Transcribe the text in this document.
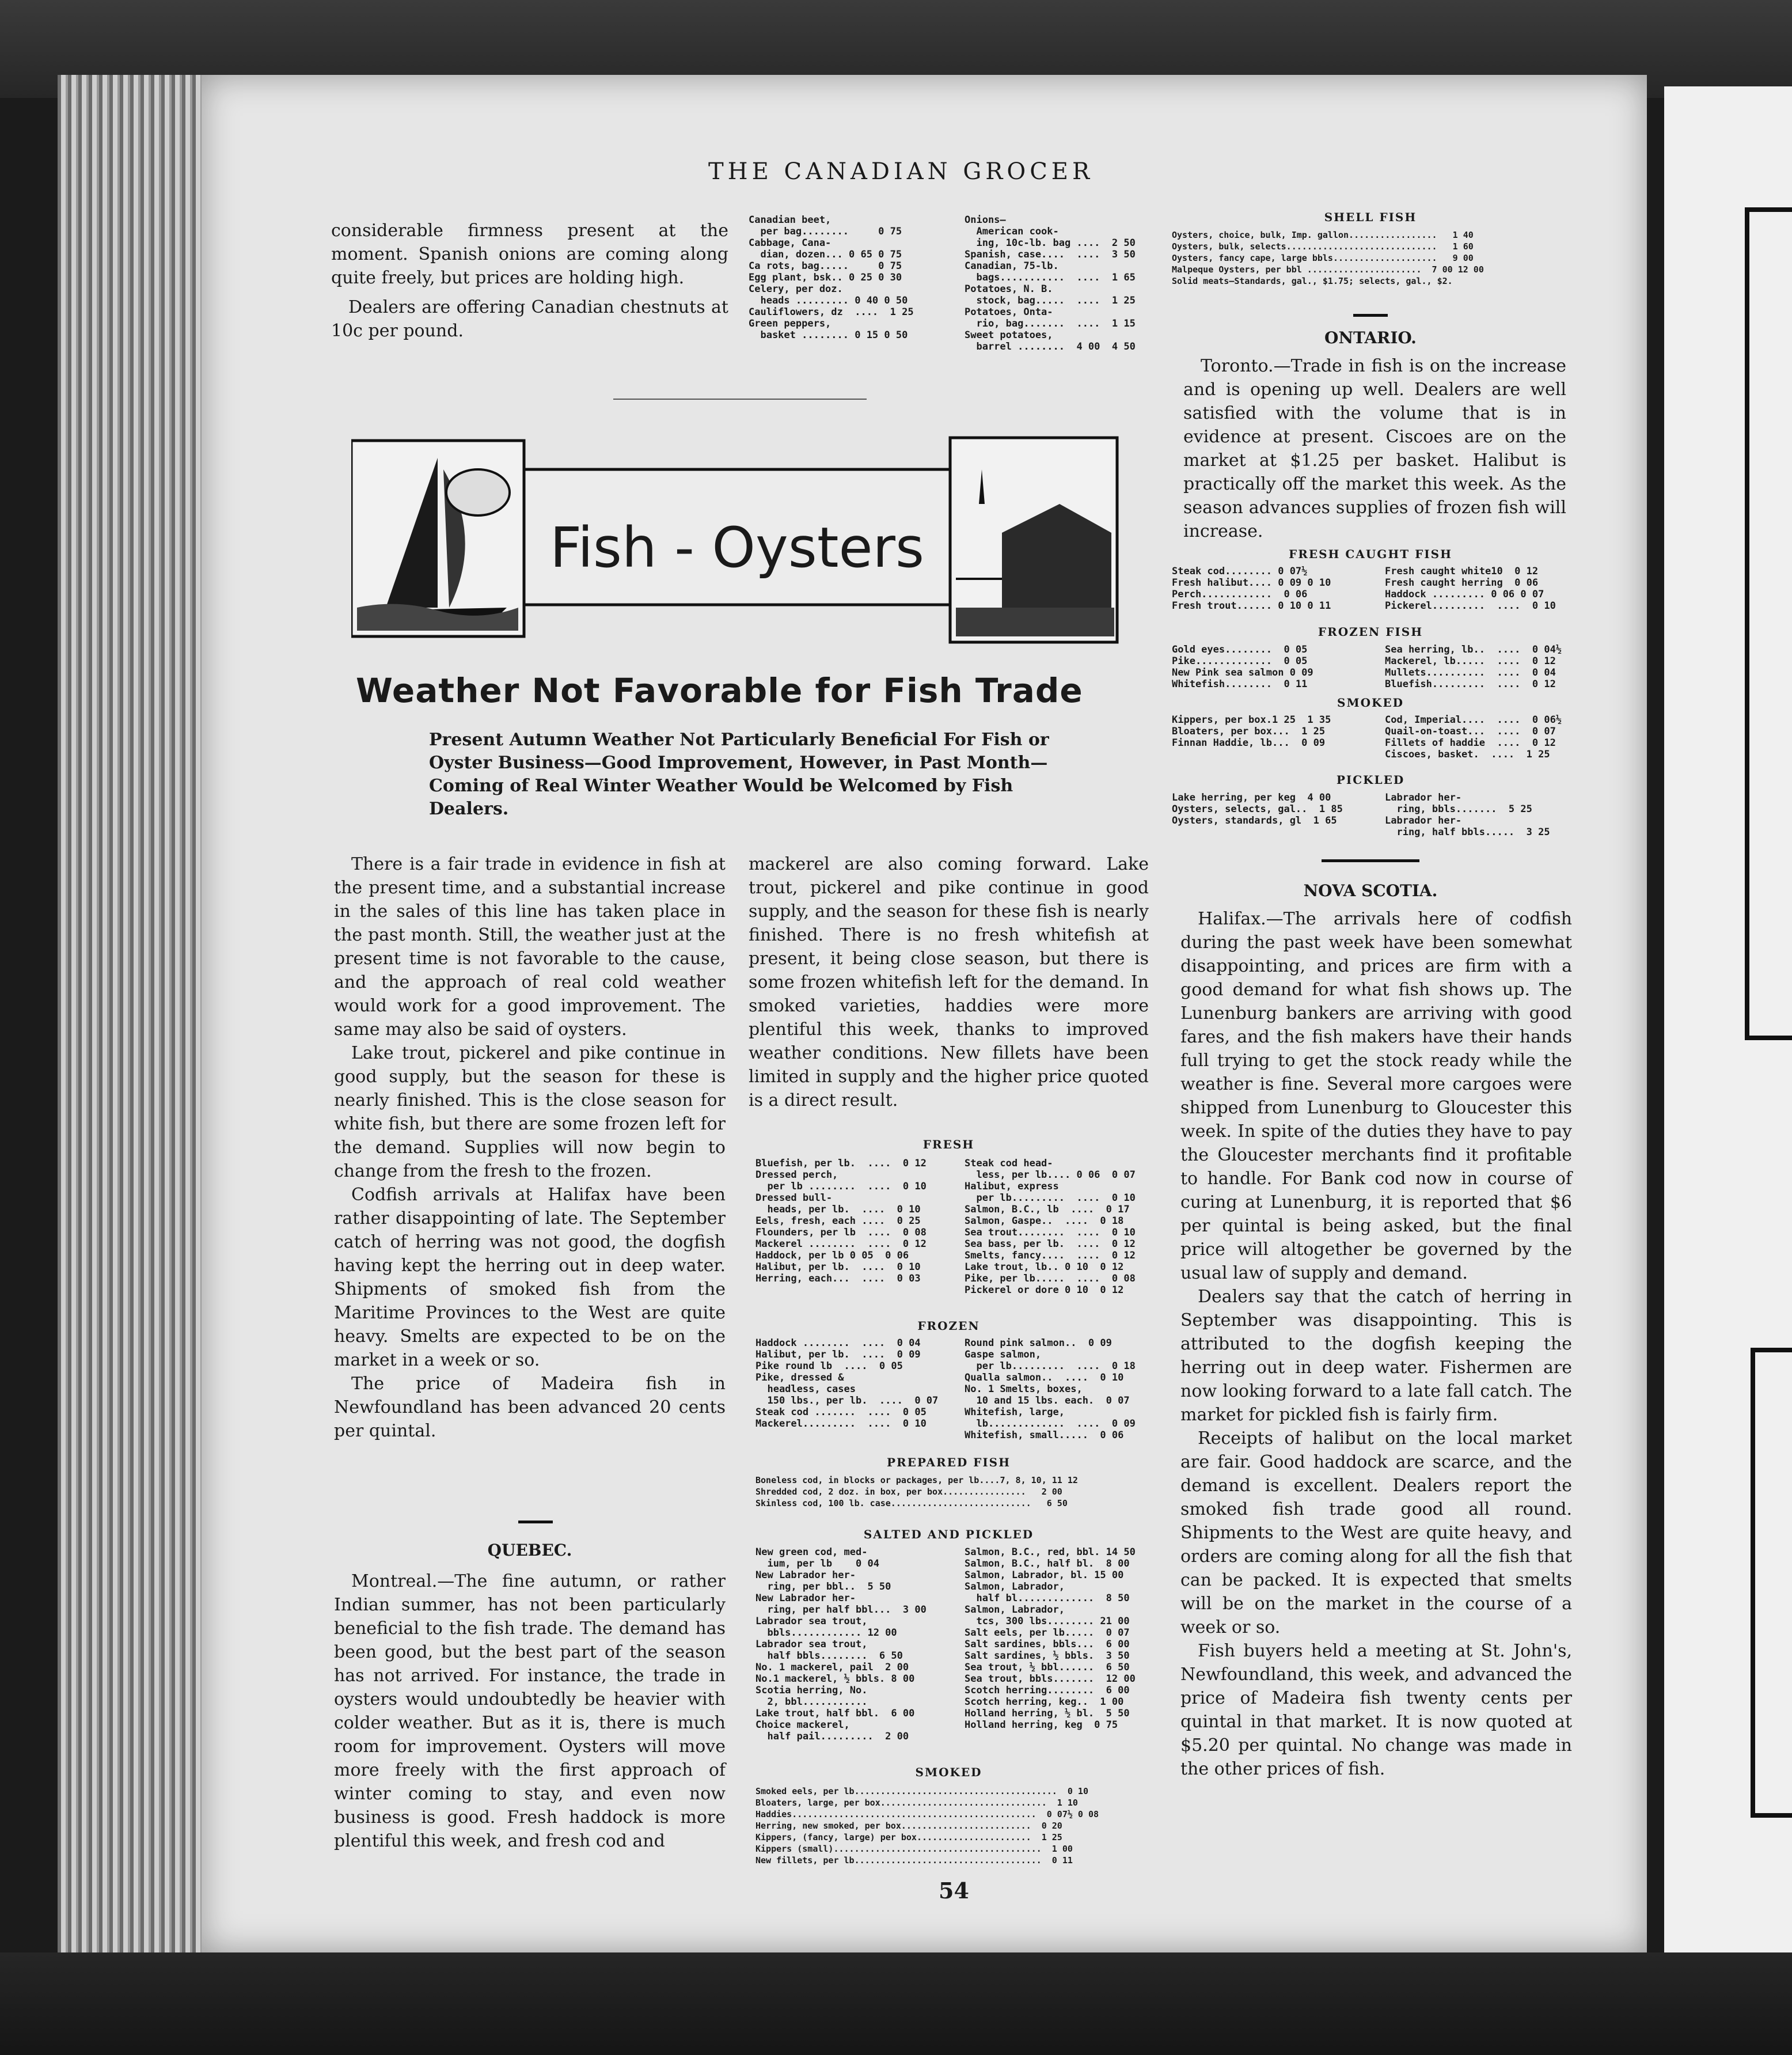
THE CANADIAN GROCER

considerable firmness present at the moment. Spanish onions are coming along quite freely, but prices are holding high.

Dealers are offering Canadian chestnuts at 10c per pound.

Canadian beet,
per bag........     0 75
Cabbage, Cana-
dian, dozen... 0 65 0 75
Ca rots, bag.....     0 75
Egg plant, bsk.. 0 25 0 30
Celery, per doz.
heads ......... 0 40 0 50
Cauliflowers, dz  ....  1 25
Green peppers,
basket ........ 0 15 0 50
Onions—
American cook-
ing, 10c-lb. bag ....  2 50
Spanish, case....  ....  3 50
Canadian, 75-lb.
bags...........  ....  1 65
Potatoes, N. B.
stock, bag.....  ....  1 25
Potatoes, Onta-
rio, bag.......  ....  1 15
Sweet potatoes,
barrel ........  4 00  4 50
Fish - Oysters
Weather Not Favorable for Fish Trade
Present Autumn Weather Not Particularly Beneficial For Fish or Oyster Business—Good Improvement, However, in Past Month—Coming of Real Winter Weather Would be Welcomed by Fish Dealers.

There is a fair trade in evidence in fish at the present time, and a substantial increase in the sales of this line has taken place in the past month. Still, the weather just at the present time is not favorable to the cause, and the approach of real cold weather would work for a good improvement. The same may also be said of oysters.

Lake trout, pickerel and pike continue in good supply, but the season for these is nearly finished. This is the close season for white fish, but there are some frozen left for the demand. Supplies will now begin to change from the fresh to the frozen.

Codfish arrivals at Halifax have been rather disappointing of late. The September catch of herring was not good, the dogfish having kept the herring out in deep water. Shipments of smoked fish from the Maritime Provinces to the West are quite heavy. Smelts are expected to be on the market in a week or so.

The price of Madeira fish in Newfoundland has been advanced 20 cents per quintal.

QUEBEC.

Montreal.—The fine autumn, or rather Indian summer, has not been particularly beneficial to the fish trade. The demand has been good, but the best part of the season has not arrived. For instance, the trade in oysters would undoubtedly be heavier with colder weather. But as it is, there is much room for improvement. Oysters will move more freely with the first approach of winter coming to stay, and even now business is good. Fresh haddock is more plentiful this week, and fresh cod and

mackerel are also coming forward. Lake trout, pickerel and pike continue in good supply, and the season for these fish is nearly finished. There is no fresh whitefish at present, it being close season, but there is some frozen whitefish left for the demand. In smoked varieties, haddies were more plentiful this week, thanks to improved weather conditions. New fillets have been limited in supply and the higher price quoted is a direct result.

FRESH
Bluefish, per lb.  ....  0 12
Dressed perch,
per lb ........  ....  0 10
Dressed bull-
heads, per lb.  ....  0 10
Eels, fresh, each ....  0 25
Flounders, per lb  ....  0 08
Mackerel ........  ....  0 12
Haddock, per lb 0 05  0 06
Halibut, per lb.  ....  0 10
Herring, each...  ....  0 03
Steak cod head-
less, per lb.... 0 06  0 07
Halibut, express
per lb.........  ....  0 10
Salmon, B.C., lb  ....  0 17
Salmon, Gaspe..  ....  0 18
Sea trout........  ....  0 10
Sea bass, per lb.  ....  0 12
Smelts, fancy....  ....  0 12
Lake trout, lb.. 0 10  0 12
Pike, per lb.....  ....  0 08
Pickerel or dore 0 10  0 12
FROZEN
Haddock ........  ....  0 04
Halibut, per lb.  ....  0 09
Pike round lb  ....  0 05
Pike, dressed &
headless, cases
150 lbs., per lb.  ....  0 07
Steak cod .......  ....  0 05
Mackerel.........  ....  0 10
Round pink salmon..  0 09
Gaspe salmon,
per lb.........  ....  0 18
Qualla salmon..  ....  0 10
No. 1 Smelts, boxes,
10 and 15 lbs. each.  0 07
Whitefish, large,
lb.............  ....  0 09
Whitefish, small.....  0 06
PREPARED FISH
Boneless cod, in blocks or packages, per lb....7, 8, 10, 11 12
Shredded cod, 2 doz. in box, per box................   2 00
Skinless cod, 100 lb. case...........................   6 50
SALTED AND PICKLED
New green cod, med-
ium, per lb    0 04
New Labrador her-
ring, per bbl..  5 50
New Labrador her-
ring, per half bbl...  3 00
Labrador sea trout,
bbls............ 12 00
Labrador sea trout,
half bbls........  6 50
No. 1 mackerel, pail  2 00
No.1 mackerel, ½ bbls. 8 00
Scotia herring, No.
2, bbl...........
Lake trout, half bbl.  6 00
Choice mackerel,
half pail.........  2 00
Salmon, B.C., red, bbl. 14 50
Salmon, B.C., half bl.  8 00
Salmon, Labrador, bl. 15 00
Salmon, Labrador,
half bl.............  8 50
Salmon, Labrador,
tcs, 300 lbs........ 21 00
Salt eels, per lb.....  0 07
Salt sardines, bbls...  6 00
Salt sardines, ½ bbls.  3 50
Sea trout, ½ bbl......  6 50
Sea trout, bbls.......  12 00
Scotch herring........  6 00
Scotch herring, keg..  1 00
Holland herring, ½ bl.  5 50
Holland herring, keg  0 75
SMOKED
Smoked eels, per lb.......................................  0 10
Bloaters, large, per box................................  1 10
Haddies...............................................  0 07½ 0 08
Herring, new smoked, per box.........................  0 20
Kippers, (fancy, large) per box......................  1 25
Kippers (small)........................................  1 00
New fillets, per lb....................................  0 11
SHELL FISH
Oysters, choice, bulk, Imp. gallon.................   1 40
Oysters, bulk, selects.............................   1 60
Oysters, fancy cape, large bbls....................   9 00
Malpeque Oysters, per bbl ......................  7 00 12 00
Solid meats—Standards, gal., $1.75; selects, gal., $2.
ONTARIO.

Toronto.—Trade in fish is on the increase and is opening up well. Dealers are well satisfied with the volume that is in evidence at present. Ciscoes are on the market at $1.25 per basket. Halibut is practically off the market this week. As the season advances supplies of frozen fish will increase.

FRESH CAUGHT FISH
Steak cod........ 0 07½
Fresh halibut.... 0 09 0 10
Perch............  0 06
Fresh trout...... 0 10 0 11
Fresh caught white10  0 12
Fresh caught herring  0 06
Haddock ......... 0 06 0 07
Pickerel.........  ....  0 10
FROZEN FISH
Gold eyes........  0 05
Pike.............  0 05
New Pink sea salmon 0 09
Whitefish........  0 11
Sea herring, lb..  ....  0 04½
Mackerel, lb.....  ....  0 12
Mullets..........  ....  0 04
Bluefish.........  ....  0 12
SMOKED
Kippers, per box.1 25  1 35
Bloaters, per box...  1 25
Finnan Haddie, lb...  0 09
Cod, Imperial....  ....  0 06½
Quail-on-toast...  ....  0 07
Fillets of haddie  ....  0 12
Ciscoes, basket.  ....  1 25
PICKLED
Lake herring, per keg  4 00
Oysters, selects, gal..  1 85
Oysters, standards, gl  1 65
Labrador her-
ring, bbls.......  5 25
Labrador her-
ring, half bbls.....  3 25
NOVA SCOTIA.

Halifax.—The arrivals here of codfish during the past week have been somewhat disappointing, and prices are firm with a good demand for what fish shows up. The Lunenburg bankers are arriving with good fares, and the fish makers have their hands full trying to get the stock ready while the weather is fine. Several more cargoes were shipped from Lunenburg to Gloucester this week. In spite of the duties they have to pay the Gloucester merchants find it profitable to handle. For Bank cod now in course of curing at Lunenburg, it is reported that $6 per quintal is being asked, but the final price will altogether be governed by the usual law of supply and demand.

Dealers say that the catch of herring in September was disappointing. This is attributed to the dogfish keeping the herring out in deep water. Fishermen are now looking forward to a late fall catch. The market for pickled fish is fairly firm.

Receipts of halibut on the local market are fair. Good haddock are scarce, and the demand is excellent. Dealers report the smoked fish trade good all round. Shipments to the West are quite heavy, and orders are coming along for all the fish that can be packed. It is expected that smelts will be on the market in the course of a week or so.

Fish buyers held a meeting at St. John's, Newfoundland, this week, and advanced the price of Madeira fish twenty cents per quintal in that market. It is now quoted at $5.20 per quintal. No change was made in the other prices of fish.

54
